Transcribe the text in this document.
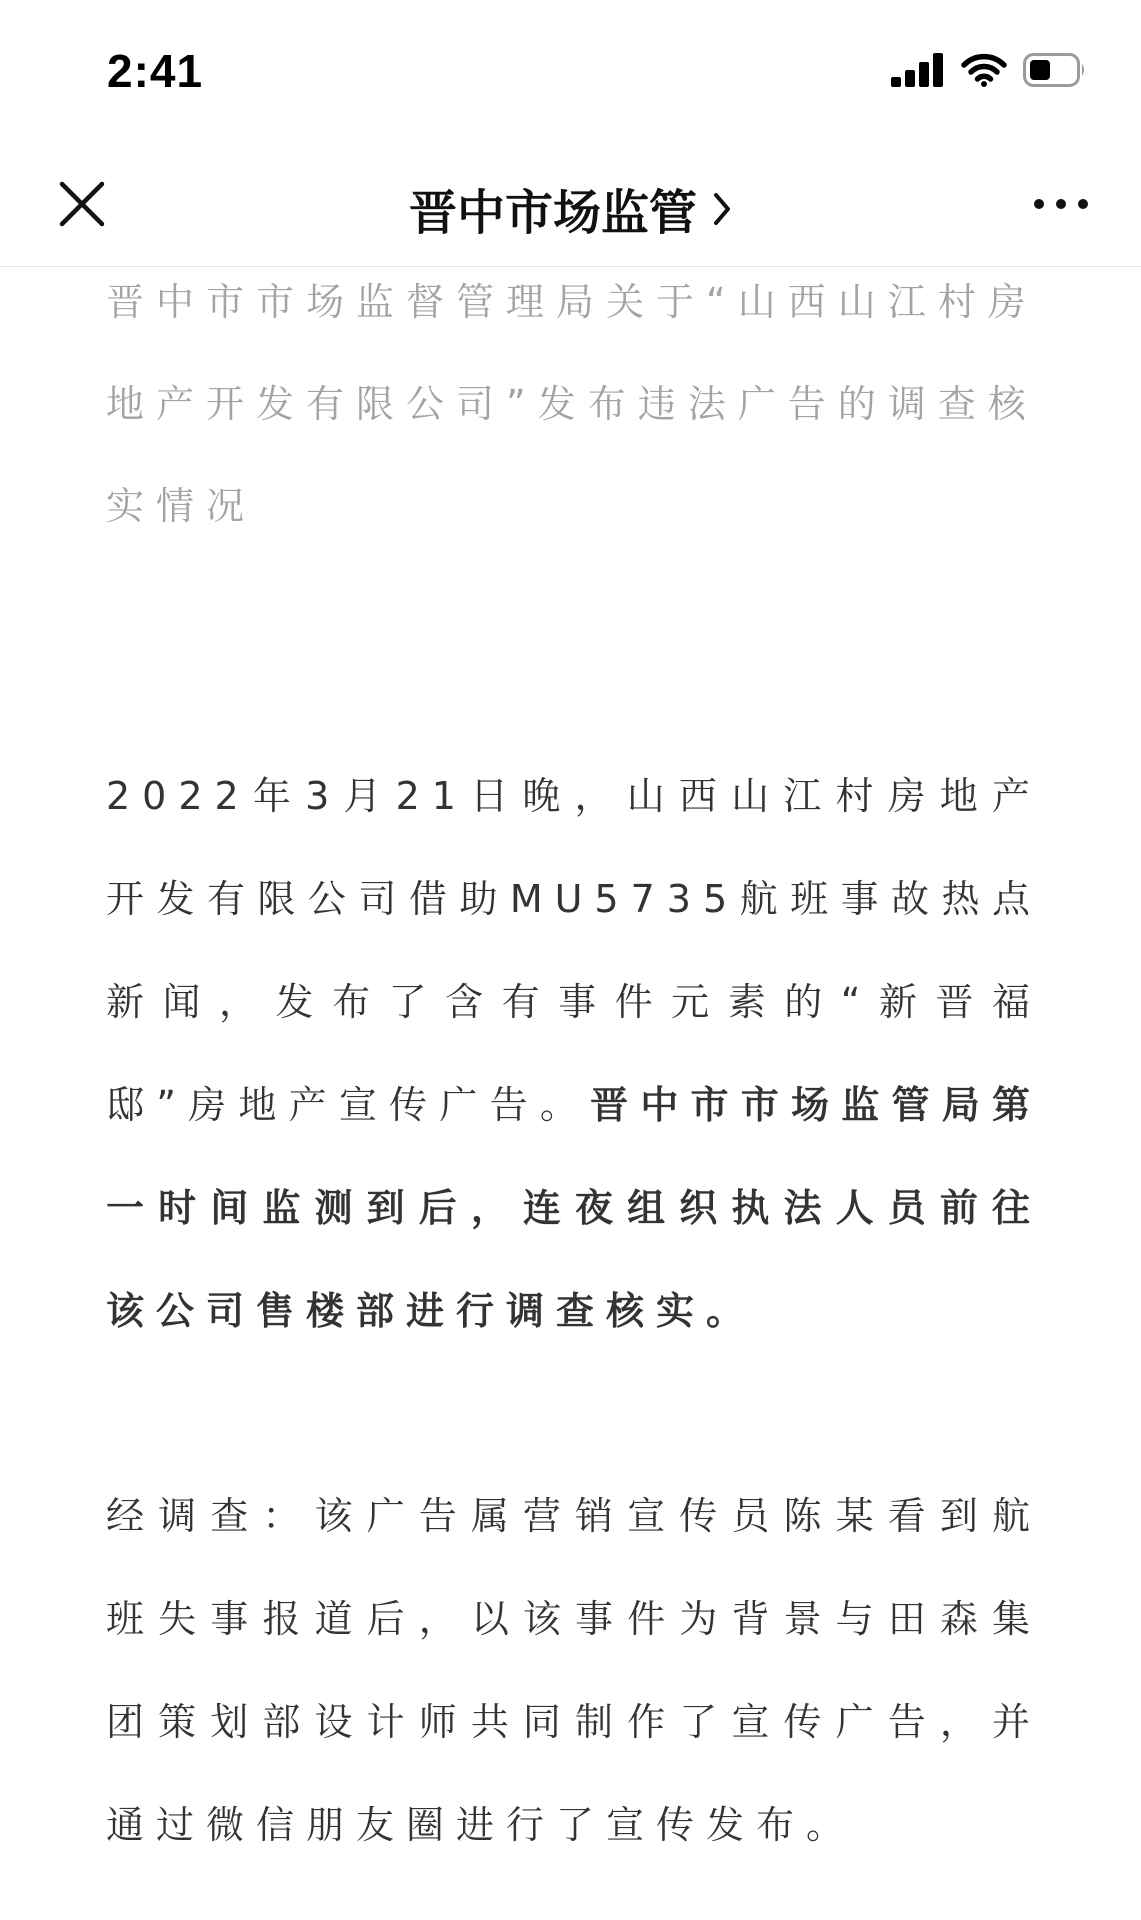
2:41
晋中市场监管
晋中市市场监督管理局关于“山西山江村房地产开发有限公司”发布违法广告的调查核实情况

2022年3月21日晚，山西山江村房地产开发有限公司借助MU5735航班事故热点新闻，发布了含有事件元素的“新晋福邸”房地产宣传广告。晋中市市场监管局第一时间监测到后，连夜组织执法人员前往该公司售楼部进行调查核实。

经调查：该广告属营销宣传员陈某看到航班失事报道后，以该事件为背景与田森集团策划部设计师共同制作了宣传广告，并通过微信朋友圈进行了宣传发布。
